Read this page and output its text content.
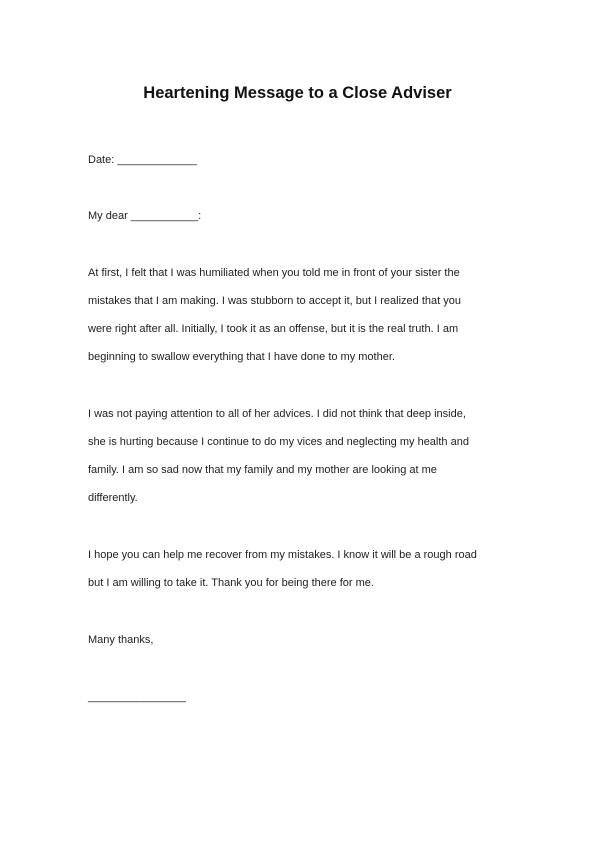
Heartening Message to a Close Adviser
Date: _____________
My dear ___________:
At first, I felt that I was humiliated when you told me in front of your sister the
mistakes that I am making. I was stubborn to accept it, but I realized that you
were right after all. Initially, I took it as an offense, but it is the real truth. I am
beginning to swallow everything that I have done to my mother.
I was not paying attention to all of her advices. I did not think that deep inside,
she is hurting because I continue to do my vices and neglecting my health and
family. I am so sad now that my family and my mother are looking at me
differently.
I hope you can help me recover from my mistakes. I know it will be a rough road
but I am willing to take it. Thank you for being there for me.
Many thanks,
________________
